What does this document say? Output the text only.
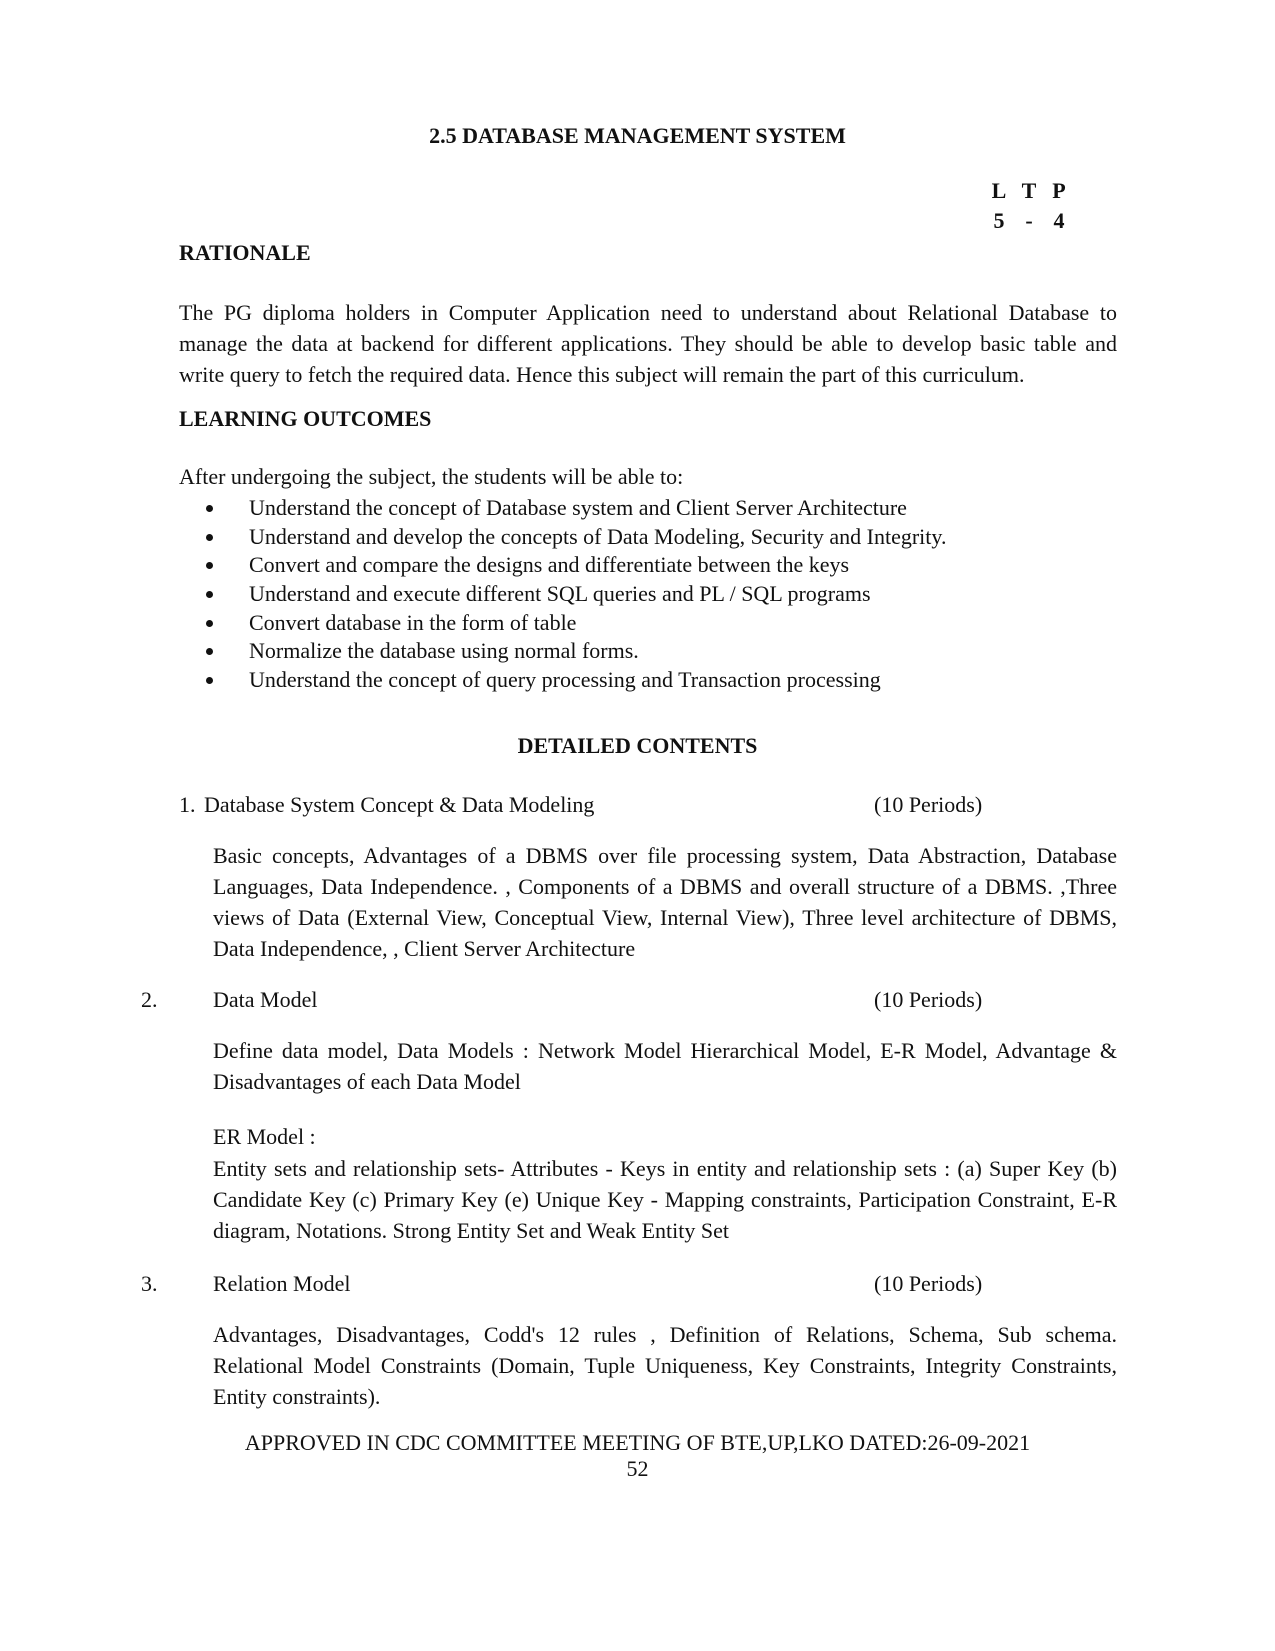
2.5 DATABASE MANAGEMENT SYSTEM
L T P
5 - 4
RATIONALE
The PG diploma holders in Computer Application need to understand about Relational Database to manage the data at backend for different applications. They should be able to develop basic table and write query to fetch the required data. Hence this subject will remain the part of this curriculum.
LEARNING OUTCOMES
After undergoing the subject, the students will be able to:
Understand the concept of Database system and Client Server Architecture
Understand and develop the concepts of Data Modeling, Security and Integrity.
Convert and compare the designs and differentiate between the keys
Understand and execute different SQL queries and PL / SQL programs
Convert database in the form of table
Normalize the database using normal forms.
Understand the concept of query processing and Transaction processing
DETAILED CONTENTS
1. Database System Concept & Data Modeling	(10 Periods)
Basic concepts, Advantages of a DBMS over file processing system, Data Abstraction, Database Languages, Data Independence. , Components of a DBMS and overall structure of a DBMS. ,Three views of Data (External View, Conceptual View, Internal View), Three level architecture of DBMS, Data Independence, , Client Server Architecture
2.	Data Model	(10 Periods)
Define data model, Data Models : Network Model Hierarchical Model, E-R Model, Advantage & Disadvantages of each Data Model
ER Model :
Entity sets and relationship sets- Attributes - Keys in entity and relationship sets : (a) Super Key (b) Candidate Key (c) Primary Key (e) Unique Key - Mapping constraints, Participation Constraint, E-R diagram, Notations. Strong Entity Set and Weak Entity Set
3.	Relation Model	(10 Periods)
Advantages, Disadvantages, Codd's 12 rules , Definition of Relations, Schema, Sub schema. Relational Model Constraints (Domain, Tuple Uniqueness, Key Constraints, Integrity Constraints, Entity constraints).
APPROVED IN CDC COMMITTEE MEETING OF BTE,UP,LKO DATED:26-09-2021
52
